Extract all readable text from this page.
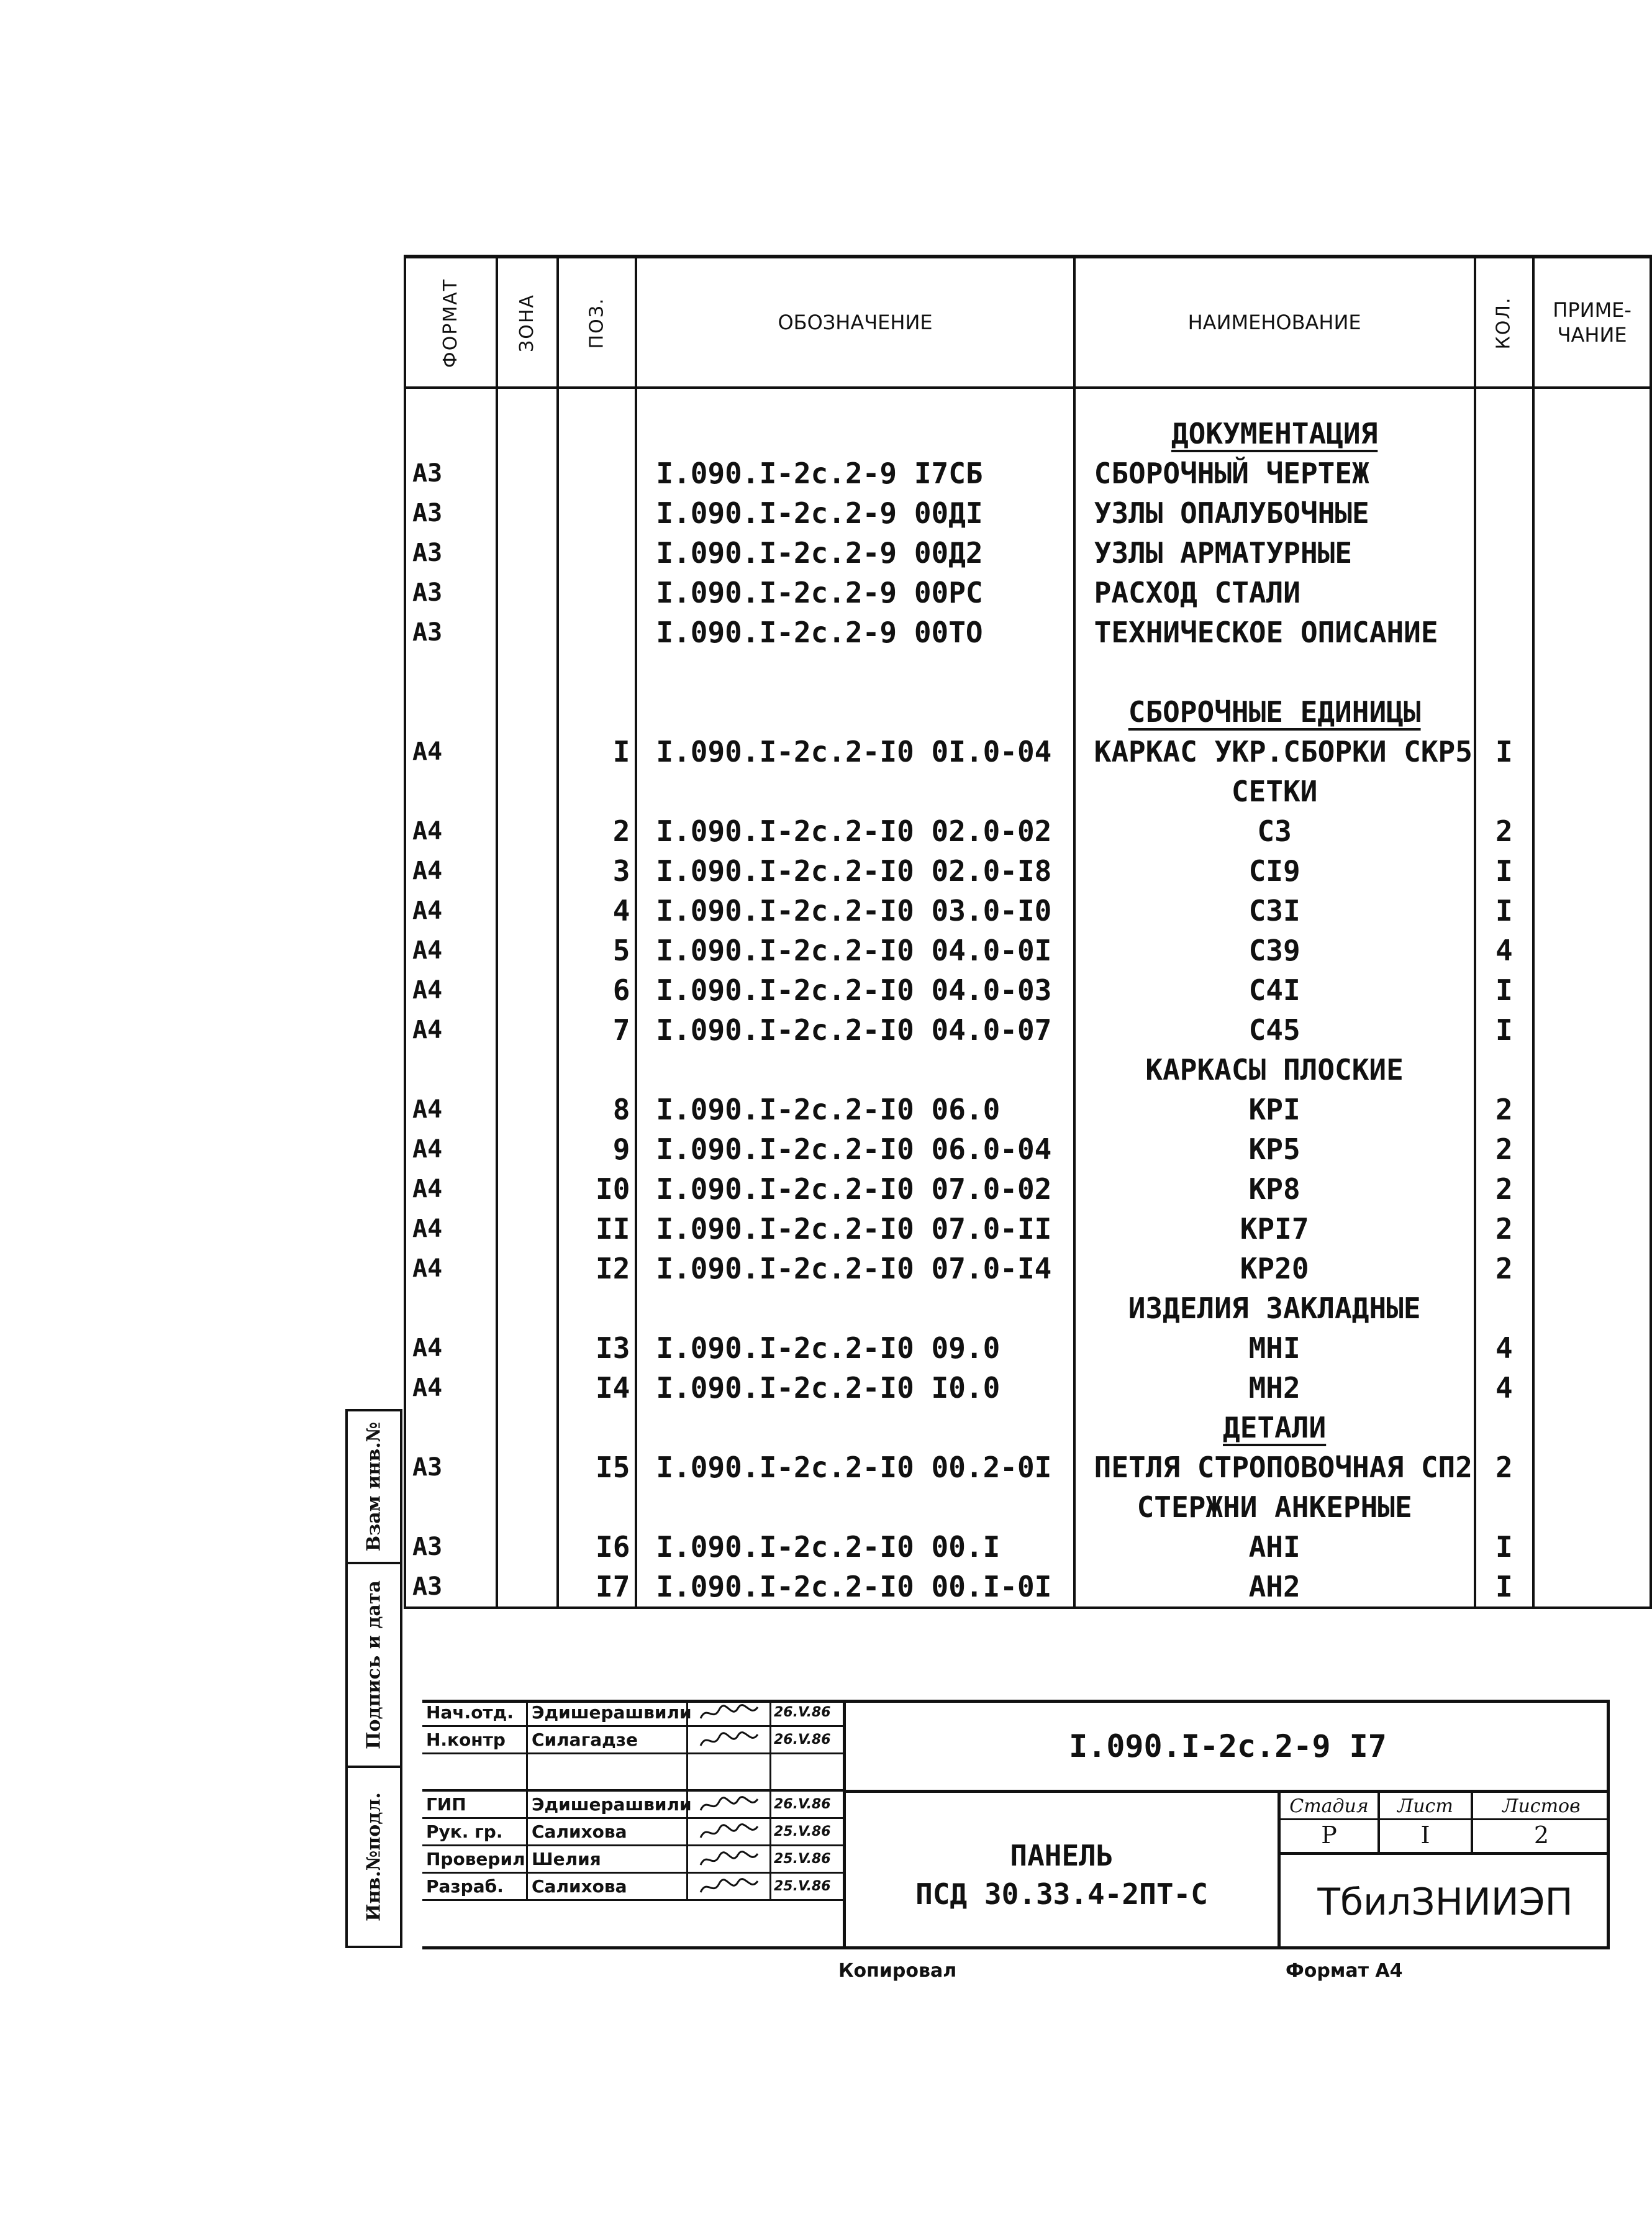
ФОРМАТ	ЗОНА	ПОЗ.	ОБОЗНАЧЕНИЕ	НАИМЕНОВАНИЕ	КОЛ.	ПРИМЕ-ЧАНИЕ
				ДОКУМЕНТАЦИЯ		
А3			I.090.I-2c.2-9 I7СБ	СБОРОЧНЫЙ ЧЕРТЕЖ		
А3			I.090.I-2c.2-9 00ДI	УЗЛЫ ОПАЛУБОЧНЫЕ		
А3			I.090.I-2c.2-9 00Д2	УЗЛЫ АРМАТУРНЫЕ		
А3			I.090.I-2c.2-9 00РС	РАСХОД СТАЛИ		
А3			I.090.I-2c.2-9 00ТО	ТЕХНИЧЕСКОЕ ОПИСАНИЕ		

				СБОРОЧНЫЕ ЕДИНИЦЫ		
А4		I	I.090.I-2c.2-I0 0I.0-04	КАРКАС УКР.СБОРКИ СКР5	I	
				СЕТКИ		
А4		2	I.090.I-2c.2-I0 02.0-02	С3	2	
А4		3	I.090.I-2c.2-I0 02.0-I8	СI9	I	
А4		4	I.090.I-2c.2-I0 03.0-I0	С3I	I	
А4		5	I.090.I-2c.2-I0 04.0-0I	С39	4	
А4		6	I.090.I-2c.2-I0 04.0-03	С4I	I	
А4		7	I.090.I-2c.2-I0 04.0-07	С45	I	
				КАРКАСЫ ПЛОСКИЕ		
А4		8	I.090.I-2c.2-I0 06.0	КРI	2	
А4		9	I.090.I-2c.2-I0 06.0-04	КР5	2	
А4		I0	I.090.I-2c.2-I0 07.0-02	КР8	2	
А4		II	I.090.I-2c.2-I0 07.0-II	КРI7	2	
А4		I2	I.090.I-2c.2-I0 07.0-I4	КР20	2	
				ИЗДЕЛИЯ ЗАКЛАДНЫЕ		
А4		I3	I.090.I-2c.2-I0 09.0	МНI	4	
А4		I4	I.090.I-2c.2-I0 I0.0	МН2	4	
				ДЕТАЛИ		
А3		I5	I.090.I-2c.2-I0 00.2-0I	ПЕТЛЯ СТРОПОВОЧНАЯ СП2	2	
				СТЕРЖНИ АНКЕРНЫЕ		
А3		I6	I.090.I-2c.2-I0 00.I	АНI	I	
А3		I7	I.090.I-2c.2-I0 00.I-0I	АН2	I	
Взам инв.№
Подпись и дата
Инв.№подл.
Нач.отд.	Эдишерашвили	26.V.86
Н.контр	Силагадзе	26.V.86
ГИП	Эдишерашвили	26.V.86
Рук. гр.	Салихова	25.V.86
Проверил Шелия	25.V.86
Разраб.	Салихова	25.V.86
I.090.I-2c.2-9 I7
ПАНЕЛЬ
ПСД 30.33.4-2ПТ-С
Стадия
Р
Лист
I
Листов
2
ТбилЗНИИЭП
Копировал	Формат А4
